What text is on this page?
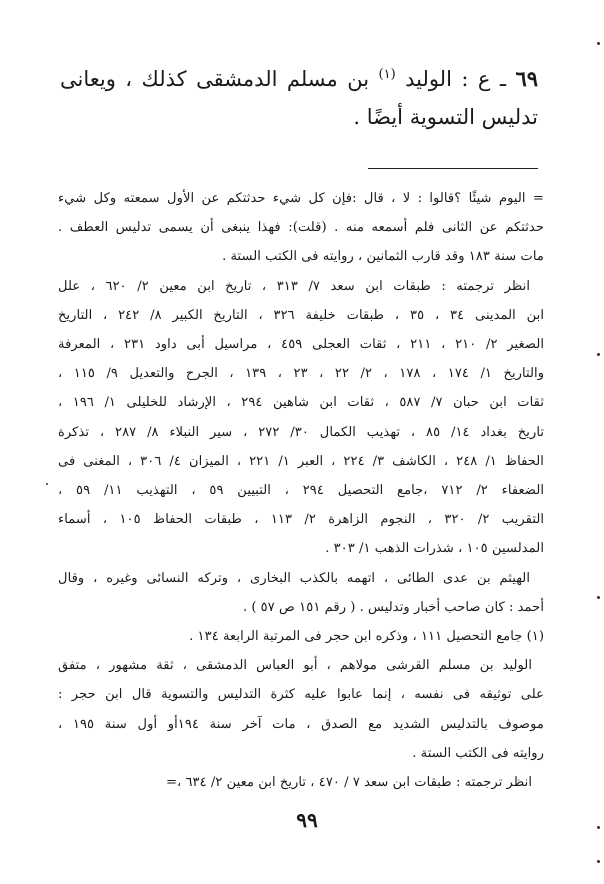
٦٩ ـ ع : الوليد $^{(١)}$ بن مسلم الدمشقى كذلك ، ويعانى تدليس التسوية أيضًا .
= اليوم شيئًا ؟قالوا : لا ، قال :فإن كل شيء حدثتكم عن الأول سمعته وكل شيء
حدثتكم عن الثانى فلم أسمعه منه . (قلت): فهذا ينبغى أن يسمى تدليس العطف .
مات سنة ١٨٣ وقد قارب الثمانين ، روايته فى الكتب الستة .
انظر ترجمته : طبقات ابن سعد ٧/ ٣١٣ ، تاريخ ابن معين ٢/ ٦٢٠ ، علل
ابن المدينى ٣٤ ، ٣٥ ، طبقات خليفة ٣٢٦ ، التاريخ الكبير ٨/ ٢٤٢ ، التاريخ
الصغير ٢/ ٢١٠ ، ٢١١ ، ثقات العجلى ٤٥٩ ، مراسيل أبى داود ٢٣١ ، المعرفة
والتاريخ ١/ ١٧٤ ، ١٧٨ ، ٢/ ٢٢ ، ٢٣ ، ١٣٩ ، الجرح والتعديل ٩/ ١١٥ ،
ثقات ابن حبان ٧/ ٥٨٧ ، ثقات ابن شاهين ٢٩٤ ، الإرشاد للخليلى ١/ ١٩٦ ،
تاريخ بغداد ١٤/ ٨٥ ، تهذيب الكمال ٣٠/ ٢٧٢ ، سير النبلاء ٨/ ٢٨٧ ، تذكرة
الحفاظ ١/ ٢٤٨ ، الكاشف ٣/ ٢٢٤ ، العبر ١/ ٢٢١ ، الميزان ٤/ ٣٠٦ ، المغنى فى
الضعفاء ٢/ ٧١٢ ،جامع التحصيل ٢٩٤ ، التبيين ٥٩ ، التهذيب ١١/ ٥٩ ،
التقريب ٢/ ٣٢٠ ، النجوم الزاهرة ٢/ ١١٣ ، طبقات الحفاظ ١٠٥ ، أسماء
المدلسين ١٠٥ ، شذرات الذهب ١/ ٣٠٣ .
الهيثم بن عدى الطائى ، اتهمه بالكذب البخارى ، وتركه النسائى وغيره ، وقال
أحمد : كان صاحب أخبار وتدليس . ( رقم ١٥١ ص ٥٧ ) .
(١) جامع التحصيل ١١١ ، وذكره ابن حجر فى المرتبة الرابعة ١٣٤ .
الوليد بن مسلم القرشى مولاهم ، أبو العباس الدمشقى ، ثقة مشهور ، متفق
على توثيقه فى نفسه ، إنما عابوا عليه كثرة التدليس والتسوية قال ابن حجر :
موصوف بالتدليس الشديد مع الصدق ، مات آخر سنة ١٩٤أو أول سنة ١٩٥ ،
روايته فى الكتب الستة .
انظر ترجمته : طبقات ابن سعد ٧ / ٤٧٠ ، تاريخ ابن معين ٢/ ٦٣٤ ،=
٩٩
